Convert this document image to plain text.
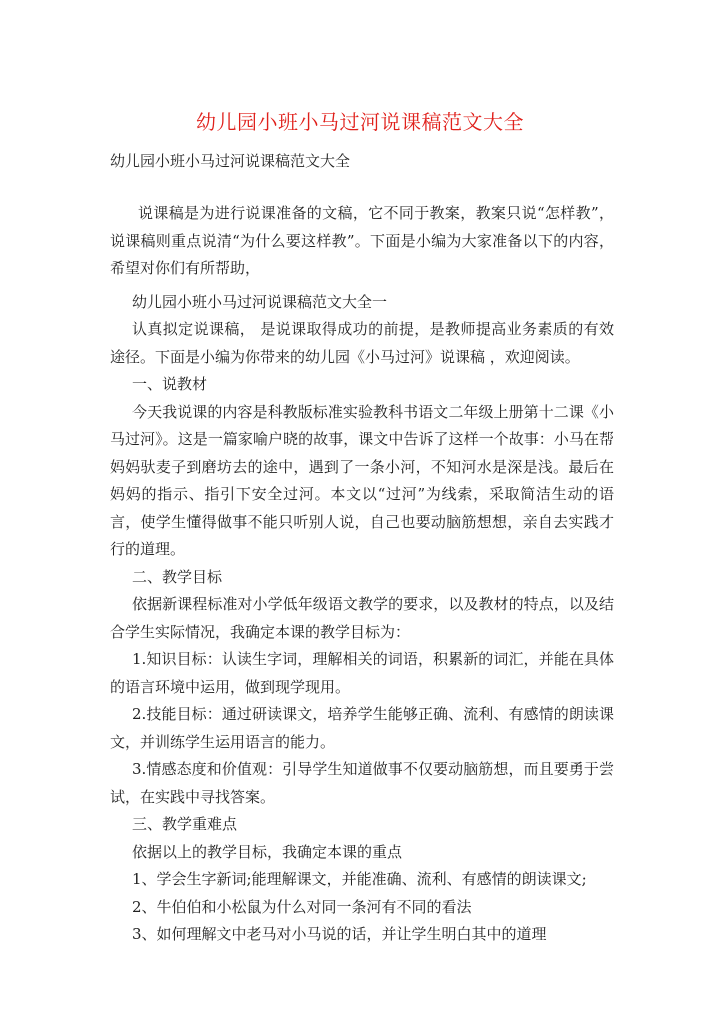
幼儿园小班小马过河说课稿范文大全

幼儿园小班小马过河说课稿范文大全

说课稿是为进行说课准备的文稿，它不同于教案，教案只说“怎样教”，说课稿则重点说清“为什么要这样教”。下面是小编为大家准备以下的内容，希望对你们有所帮助，

幼儿园小班小马过河说课稿范文大全一

认真拟定说课稿， 是说课取得成功的前提，是教师提高业务素质的有效途径。下面是小编为你带来的幼儿园《小马过河》说课稿 ，欢迎阅读。

一、说教材

今天我说课的内容是科教版标准实验教科书语文二年级上册第十二课《小马过河》。这是一篇家喻户晓的故事，课文中告诉了这样一个故事：小马在帮妈妈驮麦子到磨坊去的途中，遇到了一条小河，不知河水是深是浅。最后在妈妈的指示、指引下安全过河。本文以“过河”为线索，采取简洁生动的语言，使学生懂得做事不能只听别人说，自己也要动脑筋想想，亲自去实践才行的道理。

二、教学目标

依据新课程标准对小学低年级语文教学的要求，以及教材的特点，以及结合学生实际情况，我确定本课的教学目标为：

1.知识目标：认读生字词，理解相关的词语，积累新的词汇，并能在具体的语言环境中运用，做到现学现用。

2.技能目标：通过研读课文，培养学生能够正确、流利、有感情的朗读课文，并训练学生运用语言的能力。

3.情感态度和价值观：引导学生知道做事不仅要动脑筋想，而且要勇于尝试，在实践中寻找答案。

三、教学重难点

依据以上的教学目标，我确定本课的重点

1、学会生字新词;能理解课文，并能准确、流利、有感情的朗读课文;

2、牛伯伯和小松鼠为什么对同一条河有不同的看法

3、如何理解文中老马对小马说的话，并让学生明白其中的道理
